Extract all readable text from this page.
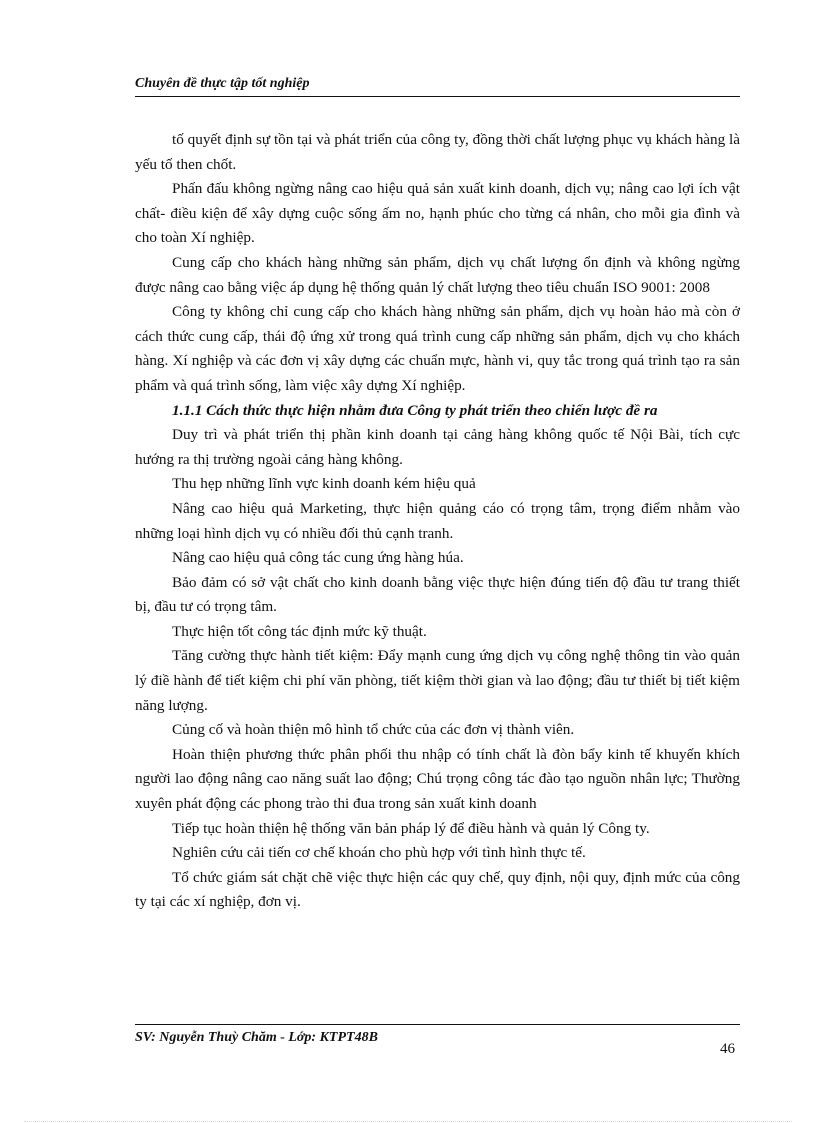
Chuyên đề thực tập tốt nghiệp

tố quyết định sự tồn tại và phát triển của công ty, đồng thời chất lượng phục vụ khách hàng là yếu tố then chốt.

Phấn đấu không ngừng nâng cao hiệu quả sản xuất kinh doanh, dịch vụ; nâng cao lợi ích vật chất- điều kiện để xây dựng cuộc sống ấm no, hạnh phúc cho từng cá nhân, cho mỗi gia đình và cho toàn Xí nghiệp.

Cung cấp cho khách hàng những sản phẩm, dịch vụ chất lượng ổn định và không ngừng được nâng cao bằng việc áp dụng hệ thống quản lý chất lượng theo tiêu chuẩn ISO 9001: 2008

Công ty không chỉ cung cấp cho khách hàng những sản phẩm, dịch vụ hoàn hảo mà còn ở cách thức cung cấp, thái độ ứng xử trong quá trình cung cấp những sản phẩm, dịch vụ cho khách hàng. Xí nghiệp và các đơn vị xây dựng các chuẩn mực, hành vi, quy tắc trong quá trình tạo ra sản phẩm và quá trình sống, làm việc xây dựng Xí nghiệp.

1.1.1 Cách thức thực hiện nhằm đưa Công ty phát triển theo chiến lược đề ra

Duy trì và phát triển thị phần kinh doanh tại cảng hàng không quốc tế Nội Bài, tích cực hướng ra thị trường ngoài cảng hàng không.

Thu hẹp những lĩnh vực kinh doanh kém hiệu quả

Nâng cao hiệu quả Marketing, thực hiện quảng cáo có trọng tâm, trọng điểm nhằm vào những loại hình dịch vụ có nhiều đối thủ cạnh tranh.

Nâng cao hiệu quả công tác cung ứng hàng húa.

Bảo đảm có sở vật chất cho kinh doanh bằng việc thực hiện đúng tiến độ đầu tư trang thiết bị, đầu tư có trọng tâm.

Thực hiện tốt công tác định mức kỹ thuật.

Tăng cường thực hành tiết kiệm: Đẩy mạnh cung ứng dịch vụ công nghệ thông tin vào quản lý điề hành để tiết kiệm chi phí văn phòng, tiết kiệm thời gian và lao động; đầu tư thiết bị tiết kiệm năng lượng.

Củng cố và hoàn thiện mô hình tổ chức của các đơn vị thành viên.

Hoàn thiện phương thức phân phối thu nhập có tính chất là đòn bẩy kinh tế khuyến khích người lao động nâng cao năng suất lao động; Chú trọng công tác đào tạo nguồn nhân lực; Thường xuyên phát động các phong trào thi đua trong sản xuất kinh doanh

Tiếp tục hoàn thiện hệ thống văn bản pháp lý để điều hành và quản lý Công ty.

Nghiên cứu cải tiến cơ chế khoán cho phù hợp với tình hình thực tế.

Tổ chức giám sát chặt chẽ việc thực hiện các quy chế, quy định, nội quy, định mức của công ty tại các xí nghiệp, đơn vị.

SV: Nguyễn Thuỳ Chăm - Lớp: KTPT48B
46
